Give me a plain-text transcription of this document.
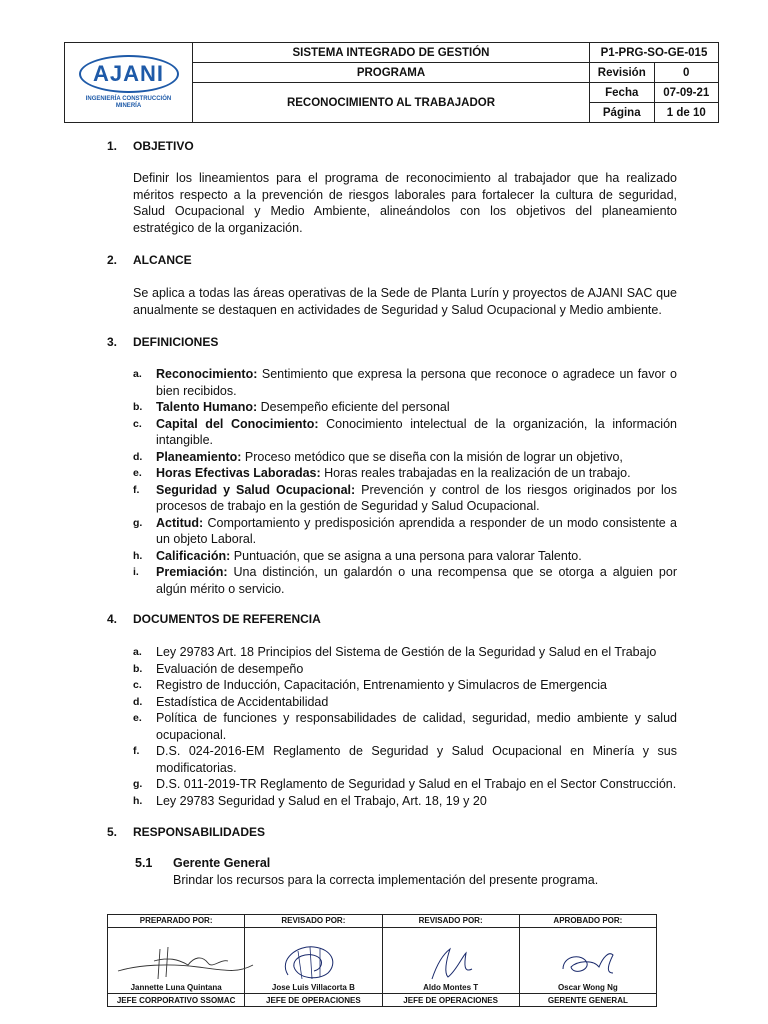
AJANI
INGENIERÍA CONSTRUCCIÓN
MINERÍA	SISTEMA INTEGRADO DE GESTIÓN	P1-PRG-SO-GE-015	
	PROGRAMA	Revisión	0
	RECONOCIMIENTO AL TRABAJADOR	Fecha	07-09-21
		Página	1 de 10
1. OBJETIVO
Definir los lineamientos para el programa de reconocimiento al trabajador que ha realizado méritos respecto a la prevención de riesgos laborales para fortalecer la cultura de seguridad, Salud Ocupacional y Medio Ambiente, alineándolos con los objetivos del planeamiento estratégico de la organización.
2. ALCANCE
Se aplica a todas las áreas operativas de la Sede de Planta Lurín y proyectos de AJANI SAC que anualmente se destaquen en actividades de Seguridad y Salud Ocupacional y Medio ambiente.
3. DEFINICIONES
a. Reconocimiento: Sentimiento que expresa la persona que reconoce o agradece un favor o bien recibidos.
b. Talento Humano: Desempeño eficiente del personal
c. Capital del Conocimiento: Conocimiento intelectual de la organización, la información intangible.
d. Planeamiento: Proceso metódico que se diseña con la misión de lograr un objetivo,
e. Horas Efectivas Laboradas: Horas reales trabajadas en la realización de un trabajo.
f. Seguridad y Salud Ocupacional: Prevención y control de los riesgos originados por los procesos de trabajo en la gestión de Seguridad y Salud Ocupacional.
g. Actitud: Comportamiento y predisposición aprendida a responder de un modo consistente a un objeto Laboral.
h. Calificación: Puntuación, que se asigna a una persona para valorar Talento.
i. Premiación: Una distinción, un galardón o una recompensa que se otorga a alguien por algún mérito o servicio.
4. DOCUMENTOS DE REFERENCIA
a. Ley 29783 Art. 18 Principios del Sistema de Gestión de la Seguridad y Salud en el Trabajo
b. Evaluación de desempeño
c. Registro de Inducción, Capacitación, Entrenamiento y Simulacros de Emergencia
d. Estadística de Accidentabilidad
e. Política de funciones y responsabilidades de calidad, seguridad, medio ambiente y salud ocupacional.
f. D.S. 024-2016-EM Reglamento de Seguridad y Salud Ocupacional en Minería y sus modificatorias.
g. D.S. 011-2019-TR Reglamento de Seguridad y Salud en el Trabajo en el Sector Construcción.
h. Ley 29783 Seguridad y Salud en el Trabajo, Art. 18, 19 y 20
5. RESPONSABILIDADES
5.1 Gerente General
Brindar los recursos para la correcta implementación del presente programa.
PREPARADO POR:	REVISADO POR:	REVISADO POR:	APROBADO POR:

Jannette Luna Quintana	Jose Luis Villacorta B	Aldo Montes T	Oscar Wong Ng

JEFE CORPORATIVO SSOMAC	JEFE DE OPERACIONES	JEFE DE OPERACIONES	GERENTE GENERAL
